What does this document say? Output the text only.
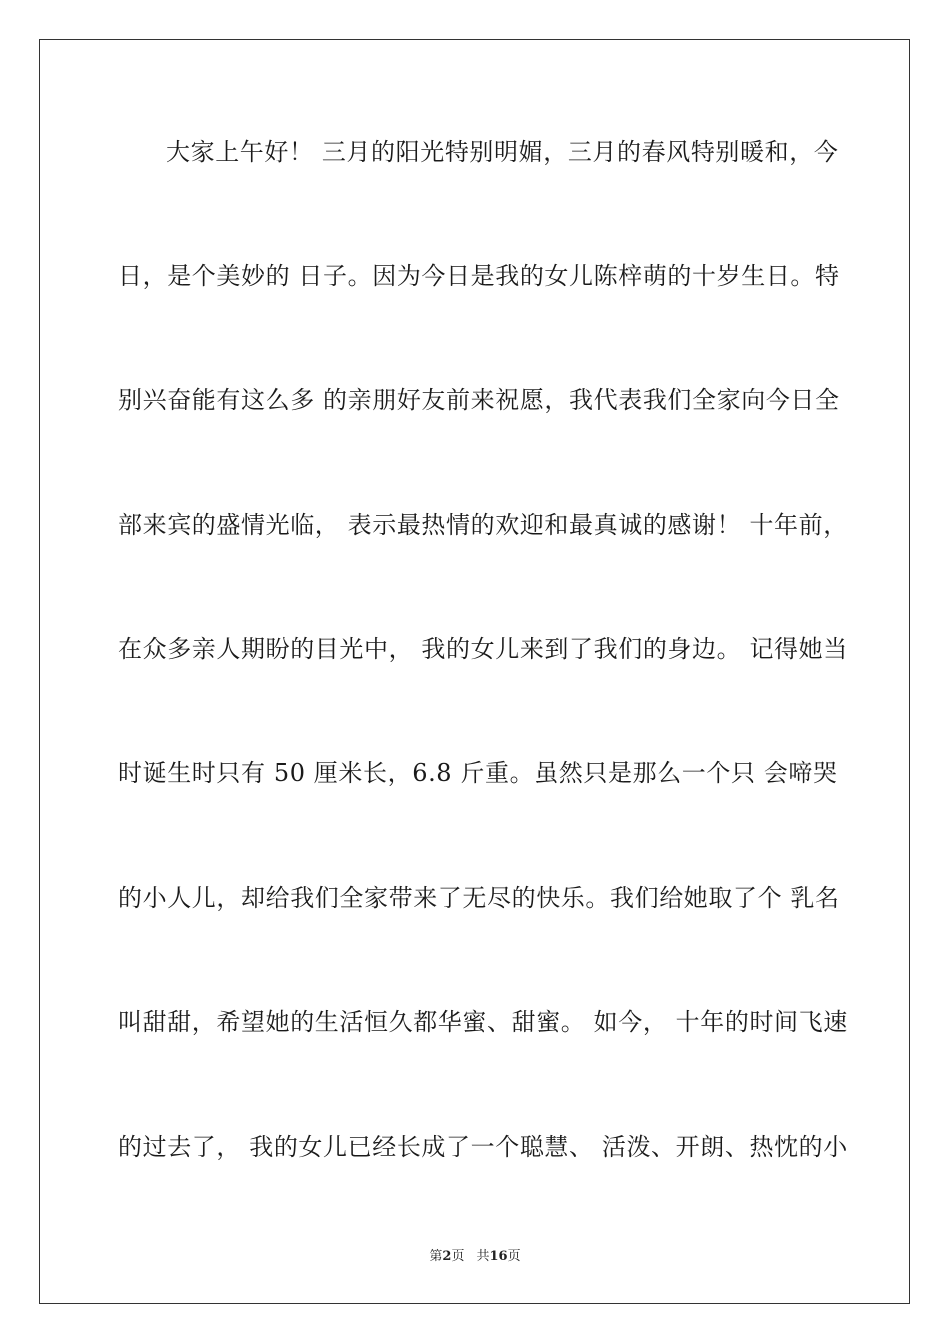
大家上午好！ 三月的阳光特别明媚，三月的春风特别暖和，今
日，是个美妙的 日子。因为今日是我的女儿陈梓萌的十岁生日。特
别兴奋能有这么多 的亲朋好友前来祝愿，我代表我们全家向今日全
部来宾的盛情光临， 表示最热情的欢迎和最真诚的感谢！ 十年前，
在众多亲人期盼的目光中， 我的女儿来到了我们的身边。 记得她当
时诞生时只有 50 厘米长，6.8 斤重。虽然只是那么一个只 会啼哭
的小人儿，却给我们全家带来了无尽的快乐。我们给她取了个 乳名
叫甜甜，希望她的生活恒久都华蜜、甜蜜。 如今， 十年的时间飞速
的过去了， 我的女儿已经长成了一个聪慧、 活泼、开朗、热忱的小
第2页 共16页
